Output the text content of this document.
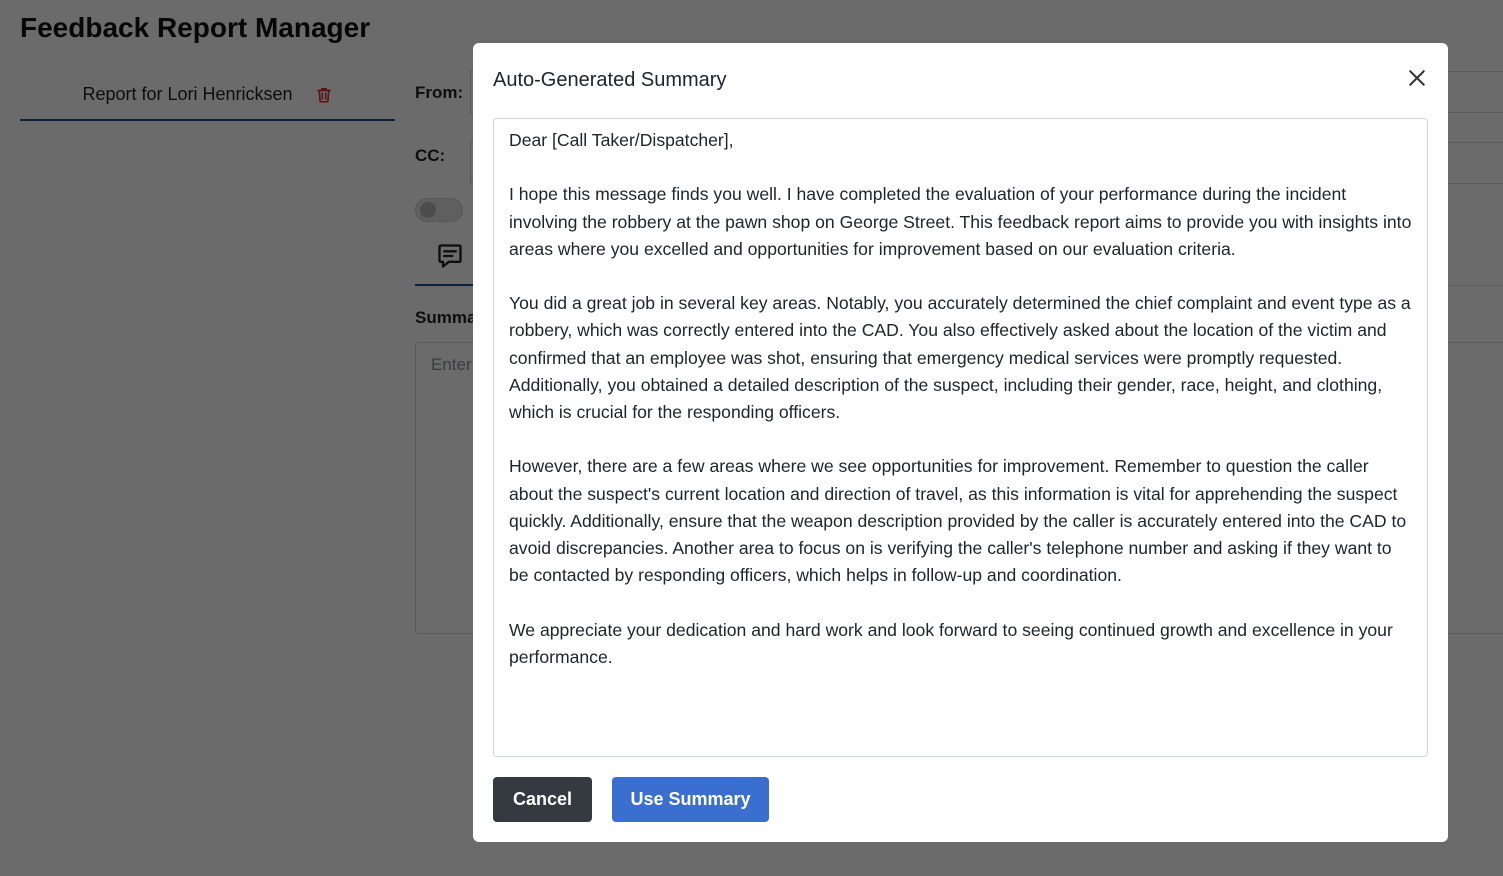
Auto-Generated Summary

Dear [Call Taker/Dispatcher],

I hope this message finds you well. I have completed the evaluation of your performance during the incident involving the robbery at the pawn shop on George Street. This feedback report aims to provide you with insights into areas where you excelled and opportunities for improvement based on our evaluation criteria.

You did a great job in several key areas. Notably, you accurately determined the chief complaint and event type as a robbery, which was correctly entered into the CAD. You also effectively asked about the location of the victim and confirmed that an employee was shot, ensuring that emergency medical services were promptly requested. Additionally, you obtained a detailed description of the suspect, including their gender, race, height, and clothing, which is crucial for the responding officers.

However, there are a few areas where we see opportunities for improvement. Remember to question the caller about the suspect's current location and direction of travel, as this information is vital for apprehending the suspect quickly. Additionally, ensure that the weapon description provided by the caller is accurately entered into the CAD to avoid discrepancies. Another area to focus on is verifying the caller's telephone number and asking if they want to be contacted by responding officers, which helps in follow-up and coordination.

We appreciate your dedication and hard work and look forward to seeing continued growth and excellence in your performance.

Cancel	Use Summary
